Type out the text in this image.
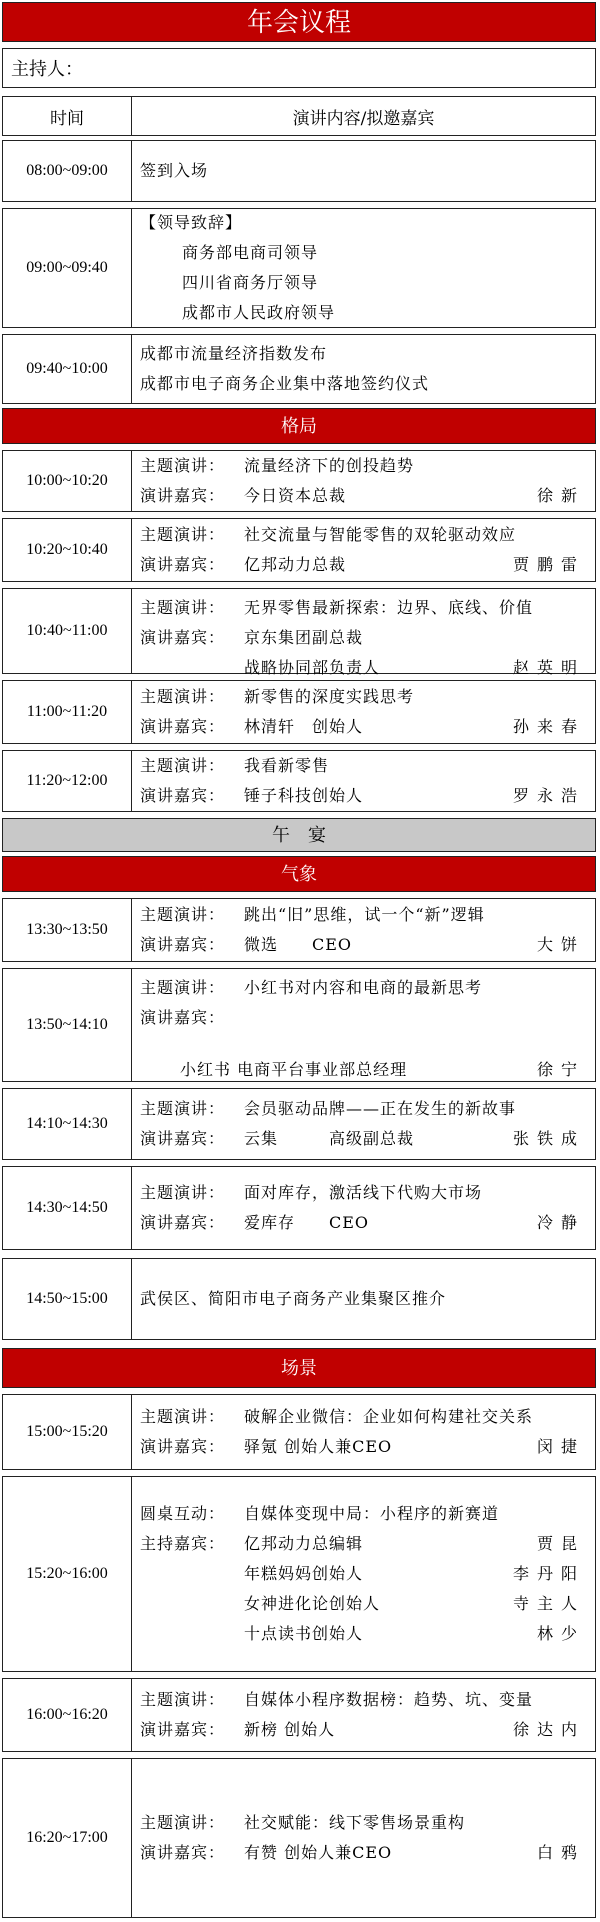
年会议程
主持人：
时间	演讲内容/拟邀嘉宾
08:00~09:00	签到入场
09:00~09:40
【领导致辞】
商务部电商司领导
四川省商务厅领导
成都市人民政府领导
09:40~10:00
成都市流量经济指数发布
成都市电子商务企业集中落地签约仪式
格局
10:00~10:20
主题演讲： 流量经济下的创投趋势
演讲嘉宾： 今日资本总裁	徐新
10:20~10:40
主题演讲： 社交流量与智能零售的双轮驱动效应
演讲嘉宾： 亿邦动力总裁	贾鹏雷
10:40~11:00
主题演讲： 无界零售最新探索：边界、底线、价值
演讲嘉宾： 京东集团副总裁
战略协同部负责人	赵英明
11:00~11:20
主题演讲： 新零售的深度实践思考
演讲嘉宾： 林清轩　创始人	孙来春
11:20~12:00
主题演讲： 我看新零售
演讲嘉宾： 锤子科技创始人	罗永浩
午　宴
气象
13:30~13:50
主题演讲： 跳出“旧”思维，试一个“新”逻辑
演讲嘉宾： 微选　　CEO	大饼
13:50~14:10
主题演讲： 小红书对内容和电商的最新思考
演讲嘉宾：
小红书 电商平台事业部总经理	徐宁
14:10~14:30
主题演讲： 会员驱动品牌——正在发生的新故事
演讲嘉宾： 云集　　　高级副总裁	张铁成
14:30~14:50
主题演讲： 面对库存，激活线下代购大市场
演讲嘉宾： 爱库存　　CEO	冷静
14:50~15:00	武侯区、简阳市电子商务产业集聚区推介
场景
15:00~15:20
主题演讲： 破解企业微信：企业如何构建社交关系
演讲嘉宾： 驿氪 创始人兼CEO	闵捷
15:20~16:00
圆桌互动： 自媒体变现中局：小程序的新赛道
主持嘉宾： 亿邦动力总编辑	贾昆
年糕妈妈创始人	李丹阳
女神进化论创始人	寺主人
十点读书创始人	林少
16:00~16:20
主题演讲： 自媒体小程序数据榜：趋势、坑、变量
演讲嘉宾： 新榜 创始人	徐达内
16:20~17:00
主题演讲： 社交赋能：线下零售场景重构
演讲嘉宾： 有赞 创始人兼CEO	白鸦
